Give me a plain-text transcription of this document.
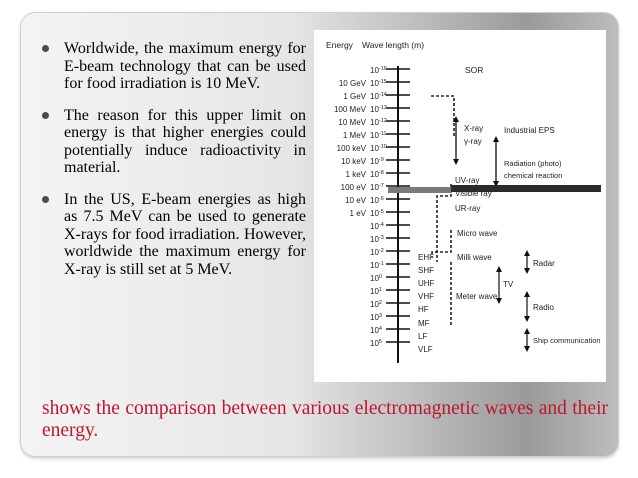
Worldwide, the maximum energy for E-beam technology that can be used for food irradiation is 10 MeV.
The reason for this upper limit on energy is that higher energies could potentially induce radioactivity in material.
In the US, E-beam energies as high as 7.5 MeV can be used to generate X-rays for food irradiation. However, worldwide the maximum energy for X-ray is still set at 5 MeV.
Energy Wave length (m)
10 GeV
1 GeV
100 MeV
10 MeV
1 MeV
100 keV
10 keV
1 keV
100 eV
10 eV
1 eV
$10^{-16}$
$10^{-15}$
$10^{-14}$
$10^{-13}$
$10^{-12}$
$10^{-11}$
$10^{-10}$
$10^{-9}$
$10^{-8}$
$10^{-7}$
$10^{-6}$
$10^{-5}$
$10^{-4}$
$10^{-3}$
$10^{-2}$
$10^{-1}$
$10^0$
$10^1$
$10^2$
$10^3$
$10^4$
$10^5$
SOR
X-ray
γ-ray
Industrial EPS
Radiation (photo)
chemical reaction
UV-ray
Visible ray
UR-ray
Micro wave
EHF
SHF
UHF
VHF
HF
MF
LF
VLF
Milli wave
Meter wave
TV
Radar
Radio
Ship communication

shows the comparison between various electromagnetic waves and their energy.
